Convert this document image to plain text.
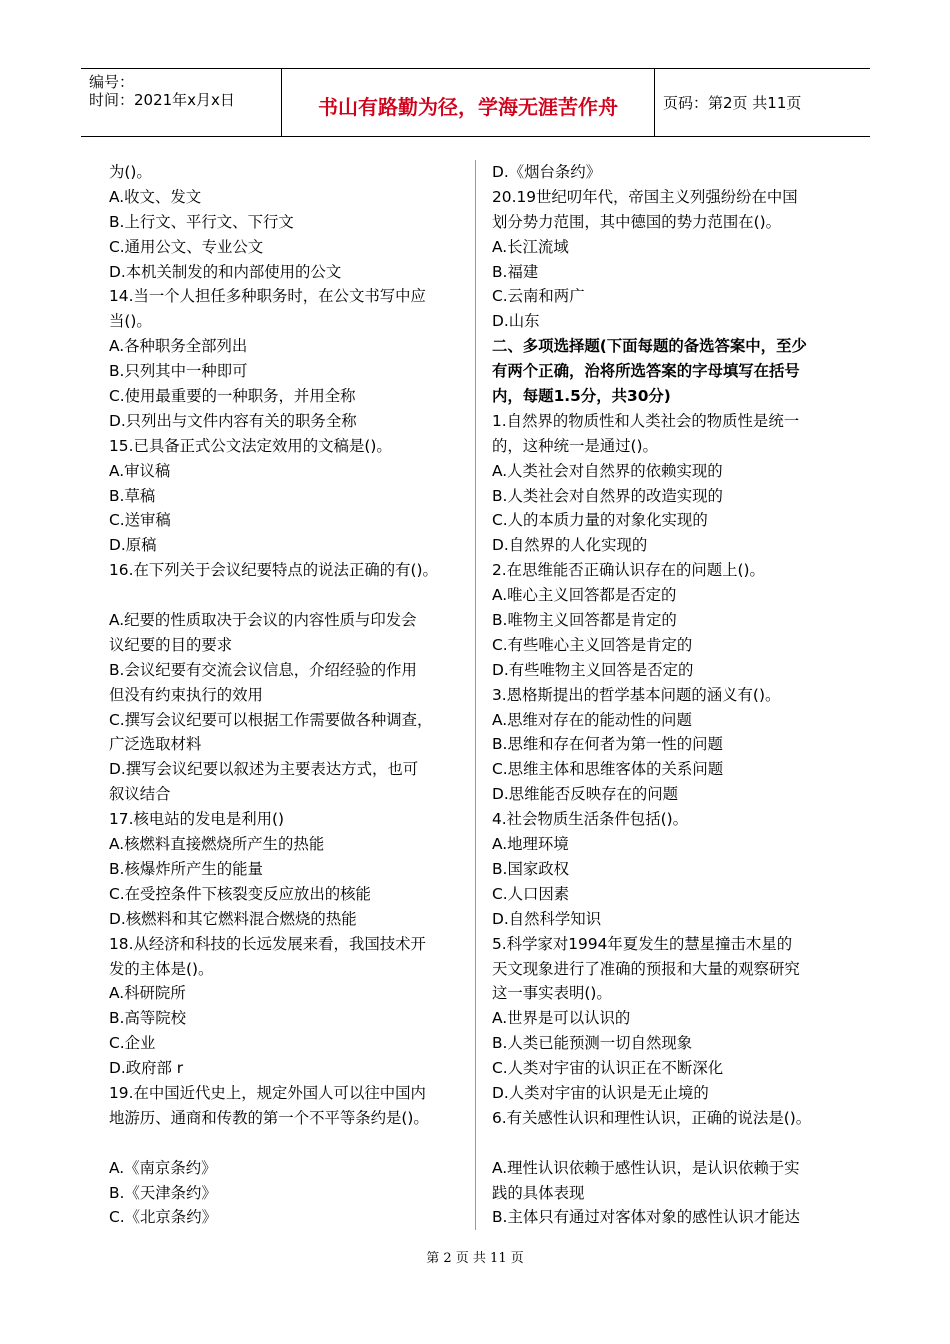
编号：
时间：2021年x月x日	书山有路勤为径，学海无涯苦作舟	页码：第2页 共11页
为()。
A.收文、发文
B.上行文、平行文、下行文
C.通用公文、专业公文
D.本机关制发的和内部使用的公文
14.当一个人担任多种职务时，在公文书写中应
当()。
A.各种职务全部列出
B.只列其中一种即可
C.使用最重要的一种职务，并用全称
D.只列出与文件内容有关的职务全称
15.已具备正式公文法定效用的文稿是()。
A.审议稿
B.草稿
C.送审稿
D.原稿
16.在下列关于会议纪要特点的说法正确的有()。
A.纪要的性质取决于会议的内容性质与印发会
议纪要的目的要求
B.会议纪要有交流会议信息，介绍经验的作用
但没有约束执行的效用
C.撰写会议纪要可以根据工作需要做各种调查，
广泛选取材料
D.撰写会议纪要以叙述为主要表达方式，也可
叙议结合
17.核电站的发电是利用()
A.核燃料直接燃烧所产生的热能
B.核爆炸所产生的能量
C.在受控条件下核裂变反应放出的核能
D.核燃料和其它燃料混合燃烧的热能
18.从经济和科技的长远发展来看，我国技术开
发的主体是()。
A.科研院所
B.高等院校
C.企业
D.政府部 r
19.在中国近代史上，规定外国人可以往中国内
地游历、通商和传教的第一个不平等条约是()。
A.《南京条约》
B.《天津条约》
C.《北京条约》
D.《烟台条约》
20.19世纪叨年代，帝国主义列强纷纷在中国
划分势力范围，其中德国的势力范围在()。
A.长江流域
B.福建
C.云南和两广
D.山东
二、多项选择题(下面每题的备选答案中，至少
有两个正确，治将所选答案的字母填写在括号
内，每题1.5分，共30分)
1.自然界的物质性和人类社会的物质性是统一
的，这种统一是通过()。
A.人类社会对自然界的依赖实现的
B.人类社会对自然界的改造实现的
C.人的本质力量的对象化实现的
D.自然界的人化实现的
2.在思维能否正确认识存在的问题上()。
A.唯心主义回答都是否定的
B.唯物主义回答都是肯定的
C.有些唯心主义回答是肯定的
D.有些唯物主义回答是否定的
3.恩格斯提出的哲学基本问题的涵义有()。
A.思维对存在的能动性的问题
B.思维和存在何者为第一性的问题
C.思维主体和思维客体的关系问题
D.思维能否反映存在的问题
4.社会物质生活条件包括()。
A.地理环境
B.国家政权
C.人口因素
D.自然科学知识
5.科学家对1994年夏发生的慧星撞击木星的
天文现象进行了准确的预报和大量的观察研究
这一事实表明()。
A.世界是可以认识的
B.人类已能预测一切自然现象
C.人类对宇宙的认识正在不断深化
D.人类对宇宙的认识是无止境的
6.有关感性认识和理性认识，正确的说法是()。
A.理性认识依赖于感性认识，是认识依赖于实
践的具体表现
B.主体只有通过对客体对象的感性认识才能达
第 2 页 共 11 页
